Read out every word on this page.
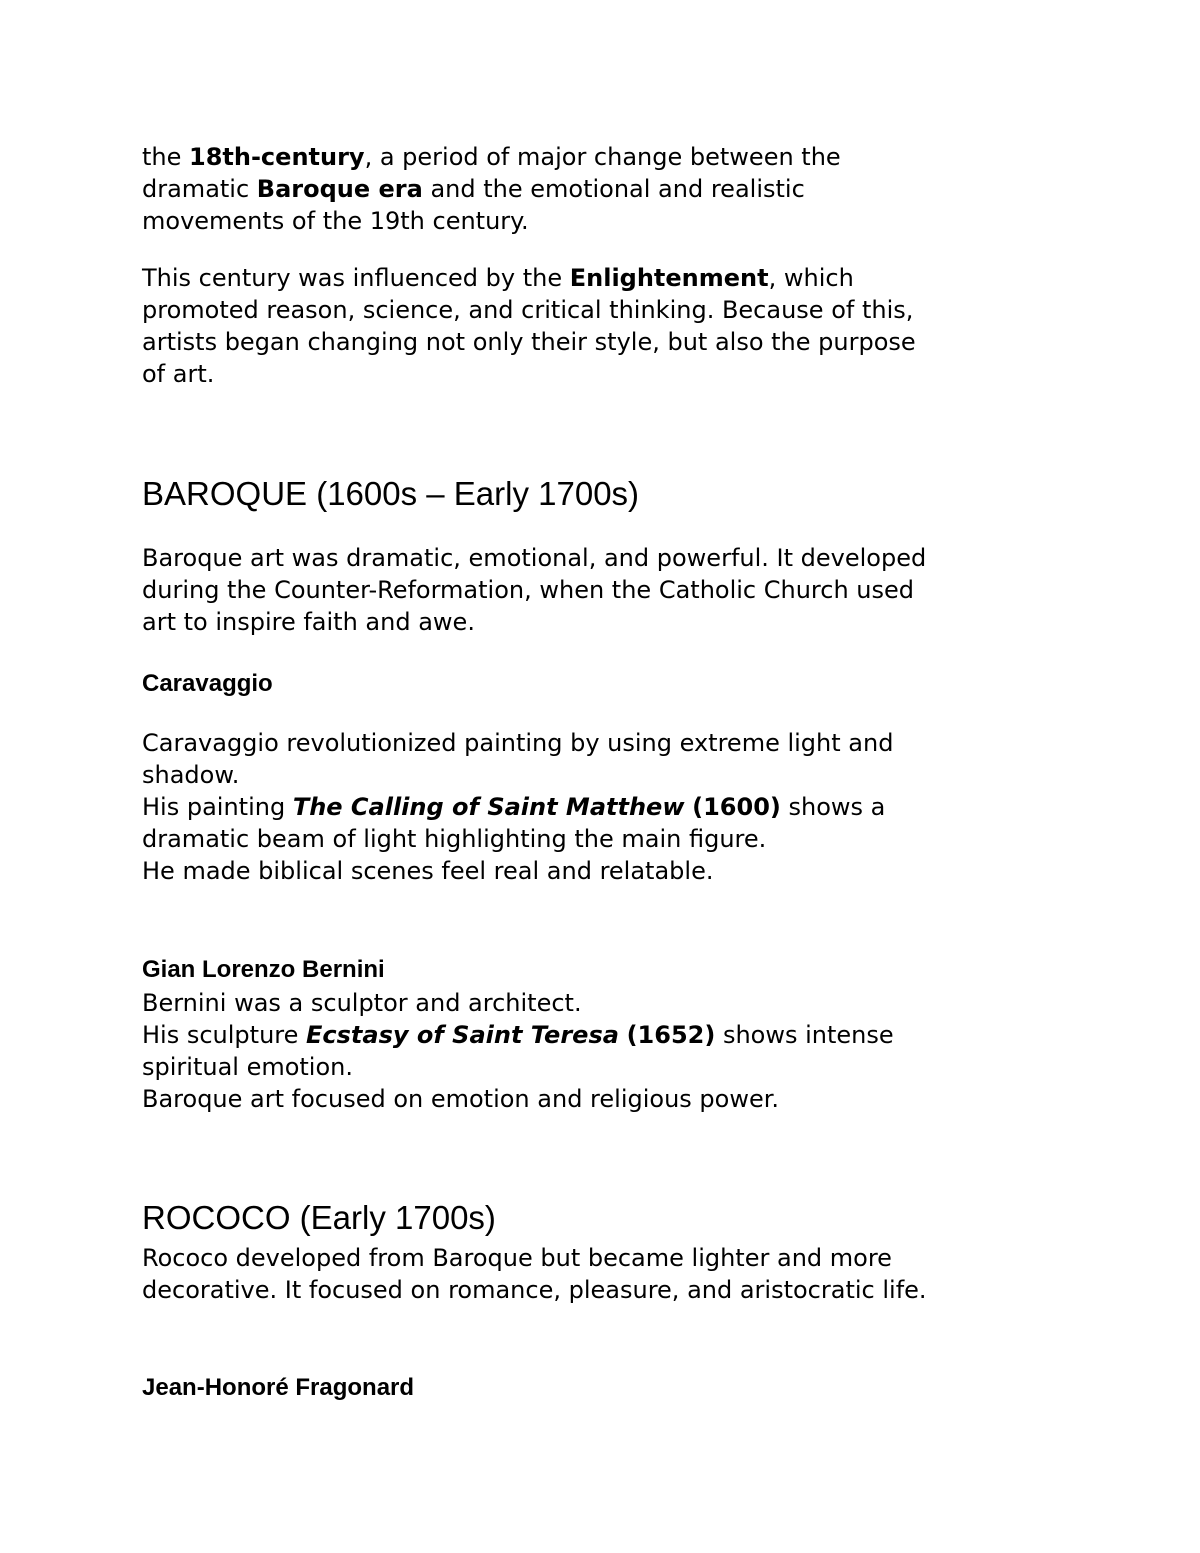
the 18th-century, a period of major change between the
dramatic Baroque era and the emotional and realistic
movements of the 19th century.
This century was influenced by the Enlightenment, which
promoted reason, science, and critical thinking. Because of this,
artists began changing not only their style, but also the purpose
of art.
BAROQUE (1600s – Early 1700s)
Baroque art was dramatic, emotional, and powerful. It developed
during the Counter-Reformation, when the Catholic Church used
art to inspire faith and awe.
Caravaggio
Caravaggio revolutionized painting by using extreme light and
shadow.
His painting The Calling of Saint Matthew (1600) shows a
dramatic beam of light highlighting the main figure.
He made biblical scenes feel real and relatable.
Gian Lorenzo Bernini
Bernini was a sculptor and architect.
His sculpture Ecstasy of Saint Teresa (1652) shows intense
spiritual emotion.
Baroque art focused on emotion and religious power.
ROCOCO (Early 1700s)
Rococo developed from Baroque but became lighter and more
decorative. It focused on romance, pleasure, and aristocratic life.
Jean-Honoré Fragonard
